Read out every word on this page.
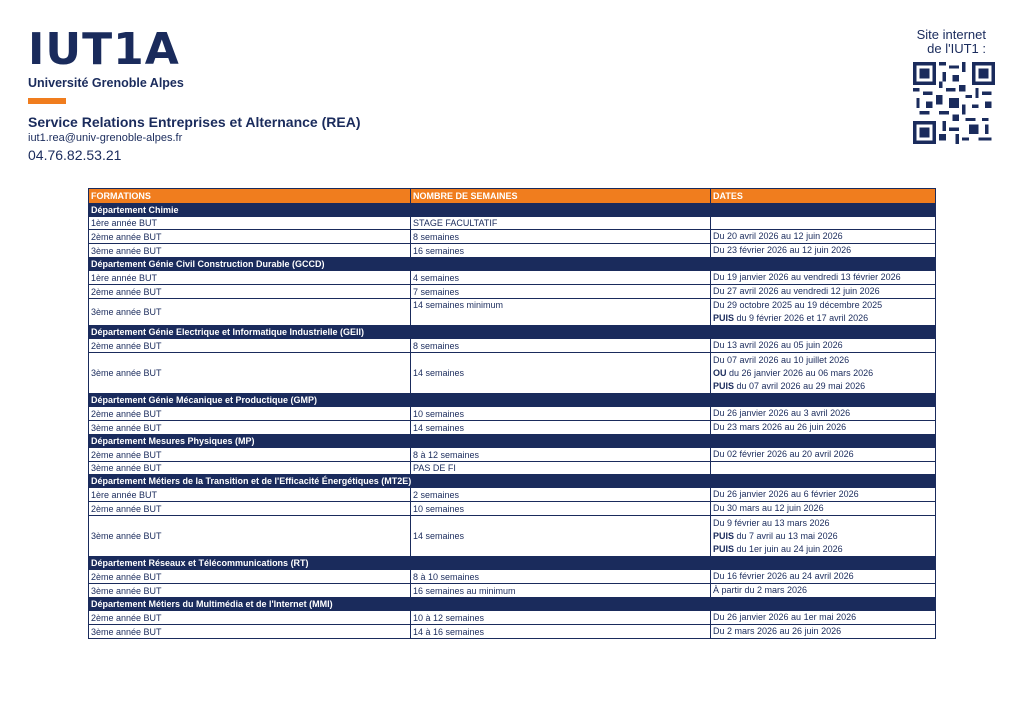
IUT1A
Université Grenoble Alpes
Service Relations Entreprises et Alternance (REA)
iut1.rea@univ-grenoble-alpes.fr
04.76.82.53.21
Site internet
de l'IUT1 :
FORMATIONS	NOMBRE DE SEMAINES	DATES
Département Chimie		
1ère année BUT	STAGE FACULTATIF	
2ème année BUT	8 semaines	Du 20 avril 2026 au 12 juin 2026

3ème année BUT	16 semaines	Du 23 février 2026 au 12 juin 2026

Département Génie Civil Construction Durable (GCCD)		
1ère année BUT	4 semaines	Du 19 janvier 2026 au vendredi 13 février 2026

2ème année BUT	7 semaines	Du 27 avril 2026 au vendredi 12 juin 2026

3ème année BUT	14 semaines minimum	Du 29 octobre 2025 au 19 décembre 2025
PUIS du 9 février 2026 et 17 avril 2026

Département Génie Electrique et Informatique Industrielle (GEII)		
2ème année BUT	8 semaines	Du 13 avril 2026 au 05 juin 2026

3ème année BUT	14 semaines	Du 07 avril 2026 au 10 juillet 2026
OU du 26 janvier 2026 au 06 mars 2026
PUIS du 07 avril 2026 au 29 mai 2026

Département Génie Mécanique et Productique (GMP)		
2ème année BUT	10 semaines	Du 26 janvier 2026 au 3 avril 2026

3ème année BUT	14 semaines	Du 23 mars 2026 au 26 juin 2026

Département Mesures Physiques (MP)		
2ème année BUT	8 à 12 semaines	Du 02 février 2026 au 20 avril 2026

3ème année BUT	PAS DE FI	
Département Métiers de la Transition et de l'Efficacité Énergétiques (MT2E)		
1ère année BUT	2 semaines	Du 26 janvier 2026 au 6 février 2026

2ème année BUT	10 semaines	Du 30 mars au 12 juin 2026

3ème année BUT	14 semaines	Du 9 février au 13 mars 2026
PUIS du 7 avril au 13 mai 2026
PUIS du 1er juin au 24 juin 2026

Département Réseaux et Télécommunications (RT)		
2ème année BUT	8 à 10 semaines	Du 16 février 2026 au 24 avril 2026

3ème année BUT	16 semaines au minimum	À partir du 2 mars 2026

Département Métiers du Multimédia et de l'Internet (MMI)		
2ème année BUT	10 à 12 semaines	Du 26 janvier 2026 au 1er mai 2026

3ème année BUT	14 à 16 semaines	Du 2 mars 2026 au 26 juin 2026
